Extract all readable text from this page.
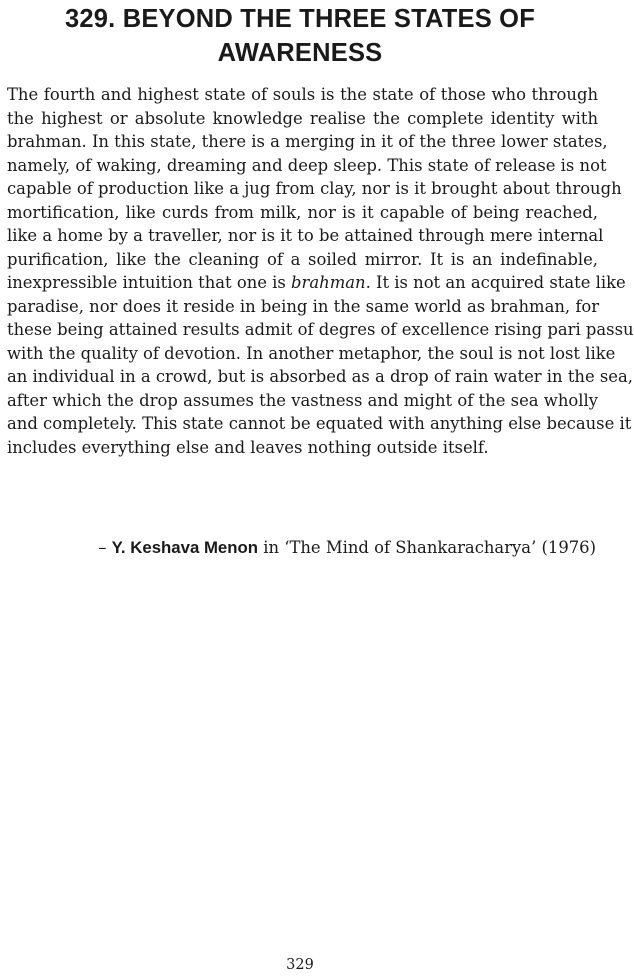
329. BEYOND THE THREE STATES OF
AWARENESS
The fourth and highest state of souls is the state of those who through
the highest or absolute knowledge realise the complete identity with
brahman. In this state, there is a merging in it of the three lower states,
namely, of waking, dreaming and deep sleep. This state of release is not
capable of production like a jug from clay, nor is it brought about through
mortification, like curds from milk, nor is it capable of being reached,
like a home by a traveller, nor is it to be attained through mere internal
purification, like the cleaning of a soiled mirror. It is an indefinable,
inexpressible intuition that one is brahman. It is not an acquired state like
paradise, nor does it reside in being in the same world as brahman, for
these being attained results admit of degres of excellence rising pari passu
with the quality of devotion. In another metaphor, the soul is not lost like
an individual in a crowd, but is absorbed as a drop of rain water in the sea,
after which the drop assumes the vastness and might of the sea wholly
and completely. This state cannot be equated with anything else because it
includes everything else and leaves nothing outside itself.

– Y. Keshava Menon in ‘The Mind of Shankaracharya’ (1976)

329
